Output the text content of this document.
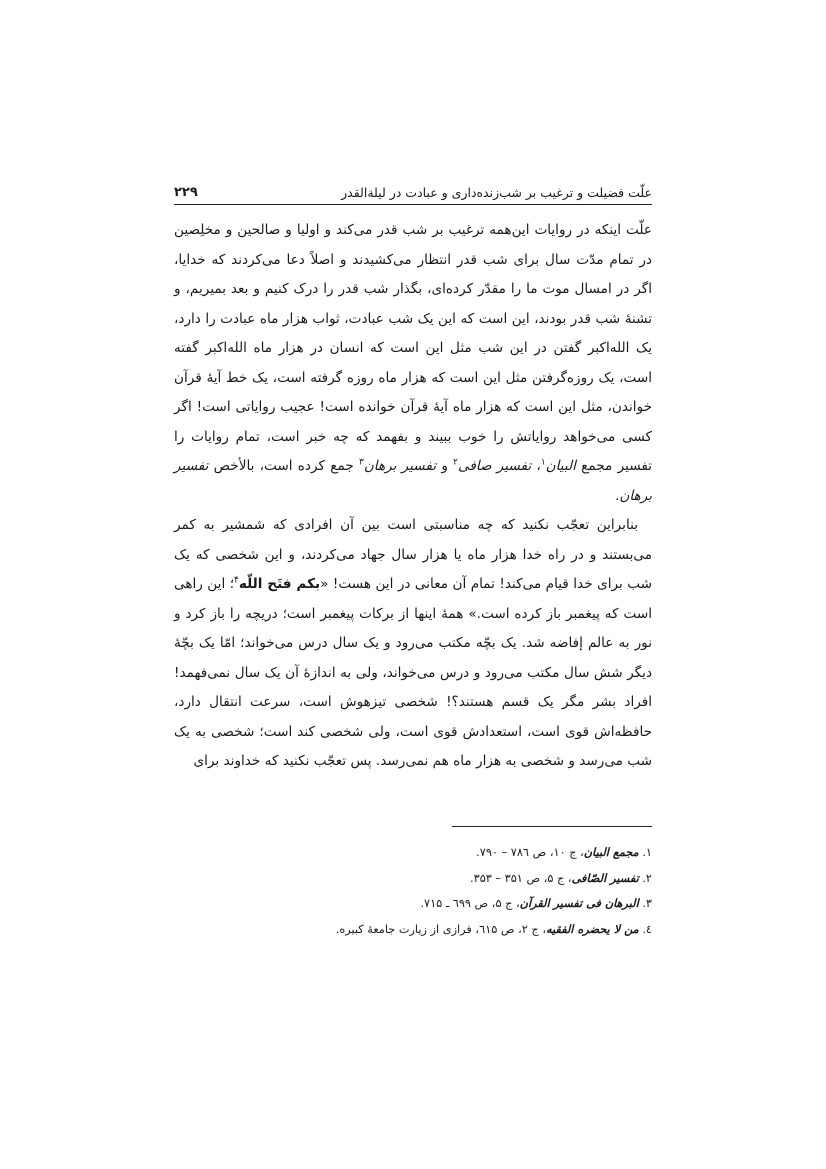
علّت فضیلت و ترغیب بر شب‌زنده‌داری و عبادت در لیلة‌القدر
۲۲۹

علّت اینکه در روایات این‌همه ترغیب بر شب قدر می‌کند و اولیا و صالحین و مخلِصین در تمام مدّت سال برای شب قدر انتظار می‌کشیدند و اصلاً دعا می‌کردند که خدایا، اگر در امسال موت ما را مقدّر کرده‌ای، بگذار شب قدر را درک کنیم و بعد بمیریم، و تشنهٔ شب قدر بودند، این است که این یک شب عبادت، ثواب هزار ماه عبادت را دارد، یک الله‌اکبر گفتن در این شب مثل این است که انسان در هزار ماه الله‌اکبر گفته است، یک روزه‌گرفتن مثل این است که هزار ماه روزه گرفته است، یک خط آیهٔ قرآن خواندن، مثل این است که هزار ماه آیهٔ قرآن خوانده است! عجیب روایاتی است! اگر کسی می‌خواهد روایاتش را خوب ببیند و بفهمد که چه خبر است، تمام روایات را تفسیر مجمع البیان$^۱$، تفسیر صافی$^۲$ و تفسیر برهان$^۳$ جمع کرده است، بالأخص تفسیر برهان.

بنابراین تعجّب نکنید که چه مناسبتی است بین آن افرادی که شمشیر به کمر می‌بستند و در راه خدا هزار ماه یا هزار سال جهاد می‌کردند، و این شخصی که یک شب برای خدا قیام می‌کند! تمام آن معانی در این هست! «بکم فتَح اللّه$^۴$؛ این راهی است که پیغمبر باز کرده است.» همهٔ اینها از برکات پیغمبر است؛ دریچه را باز کرد و نور به عالم إفاضه شد. یک بچّه مکتب می‌رود و یک سال درس می‌خواند؛ امّا یک بچّهٔ دیگر شش سال مکتب می‌رود و درس می‌خواند، ولی به اندازهٔ آن یک سال نمی‌فهمد! افراد بشر مگر یک قسم هستند؟! شخصی تیزهوش است، سرعت انتقال دارد، حافظه‌اش قوی است، استعدادش قوی است، ولی شخصی کند است؛ شخصی به یک شب می‌رسد و شخصی به هزار ماه هم نمی‌رسد. پس تعجّب نکنید که خداوند برای

۱. مجمع البیان، ج ۱۰، ص ۷۸٦ – ۷۹۰.

۲. تفسیر الصّافی، ج ۵، ص ۳۵۱ – ۳۵۳.

۳. البرهان فی تفسیر القرآن، ج ۵، ص ٦۹۹ ـ ۷۱۵.

٤. من لا یحضره الفقیه، ج ۲، ص ٦۱۵، فرازی از زیارت جامعهٔ کبیره.
